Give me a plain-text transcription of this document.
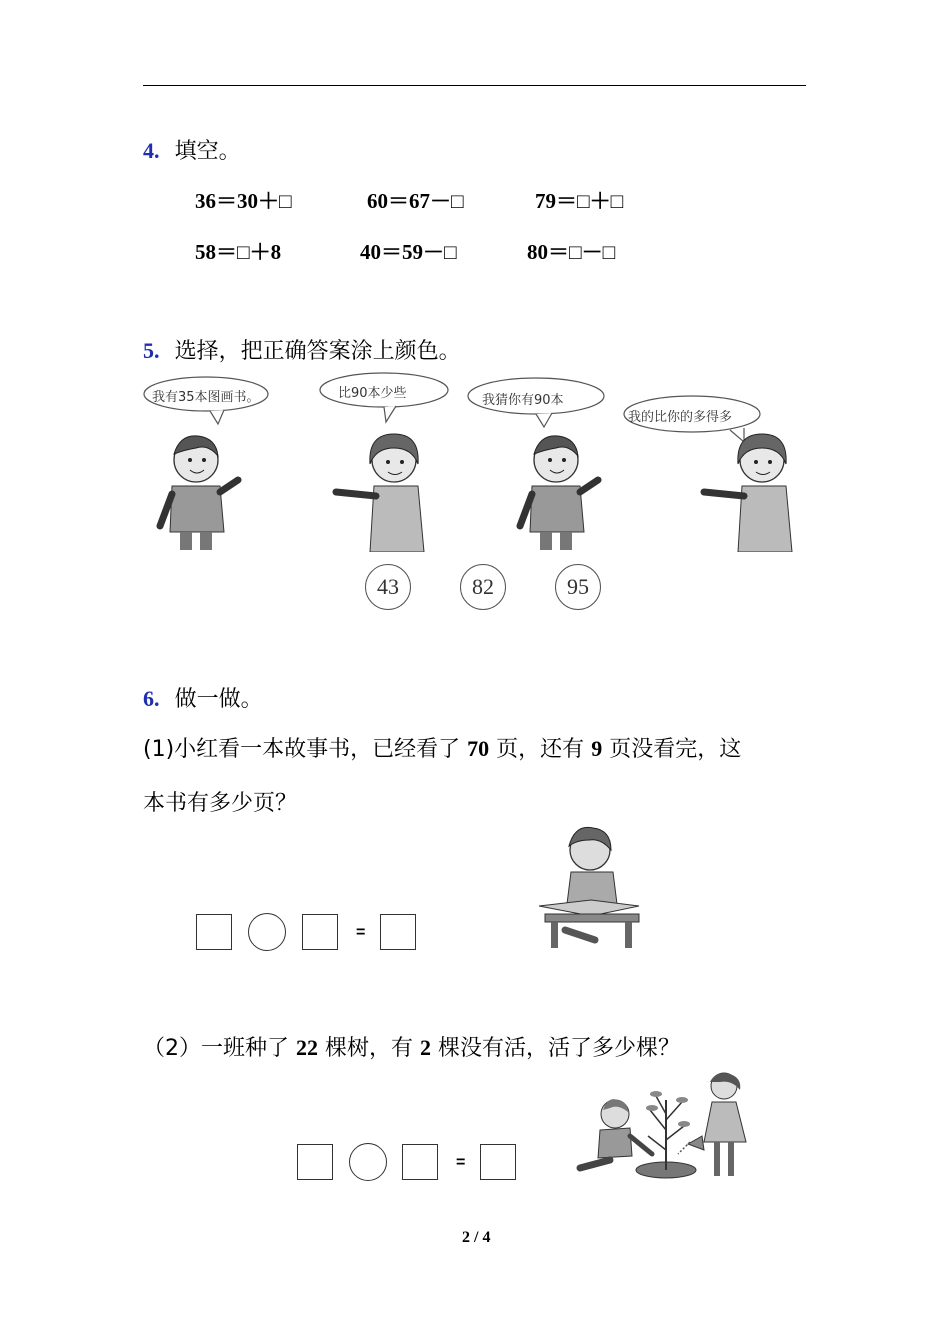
4. 填空。
36＝30＋□	60＝67－□	79＝□＋□
58＝□＋8	40＝59－□	80＝□－□
5. 选择，把正确答案涂上颜色。
我有35本图画书。	比90本少些	我猜你有90本
我的比你的多得多
43	82	95
6. 做一做。
(1)小红看一本故事书，已经看了 70 页，还有 9 页没看完，这
本书有多少页？
=
（2）一班种了 22 棵树，有 2 棵没有活，活了多少棵？
=
2 / 4
